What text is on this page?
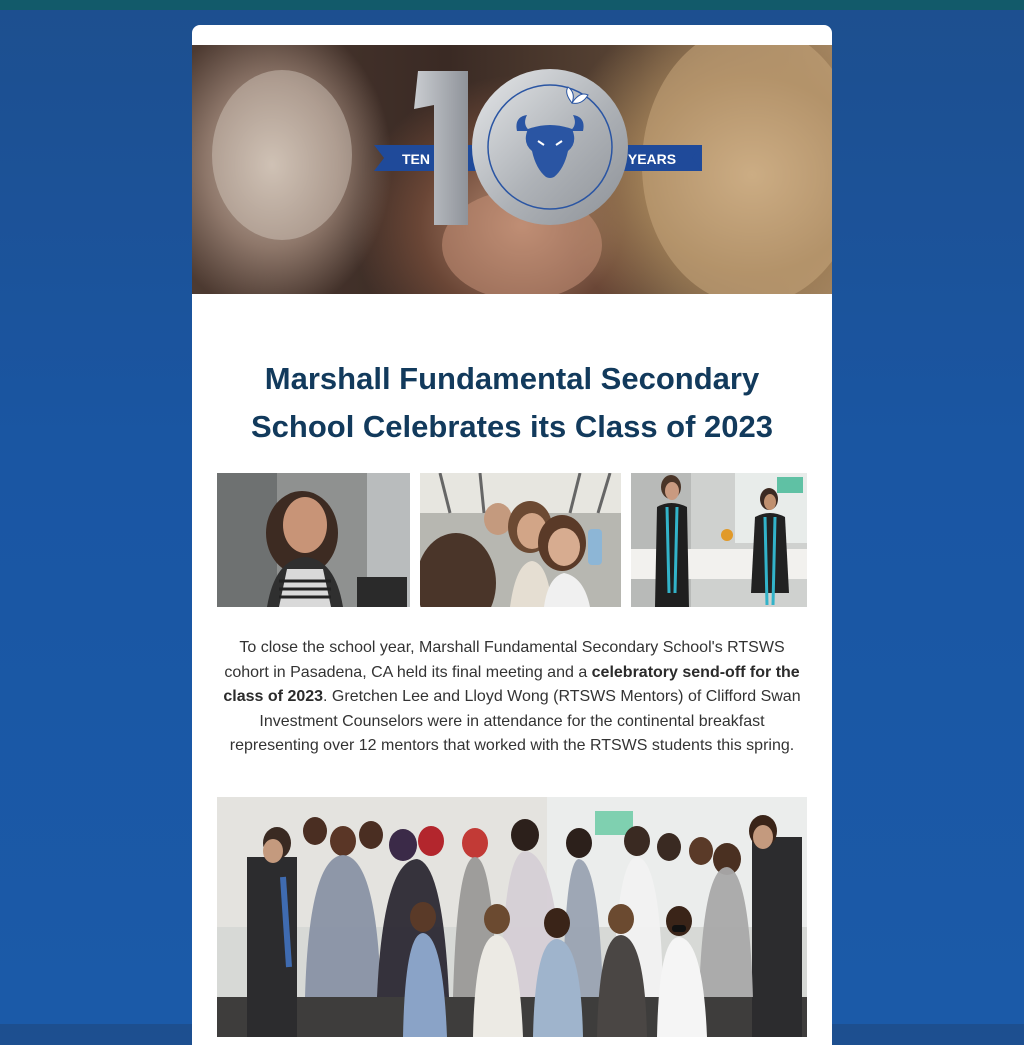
TEN	YEARS
Marshall Fundamental Secondary School Celebrates its Class of 2023

To close the school year, Marshall Fundamental Secondary School's RTSWS cohort in Pasadena, CA held its final meeting and a celebratory send-off for the class of 2023. Gretchen Lee and Lloyd Wong (RTSWS Mentors) of Clifford Swan Investment Counselors were in attendance for the continental breakfast representing over 12 mentors that worked with the RTSWS students this spring.
